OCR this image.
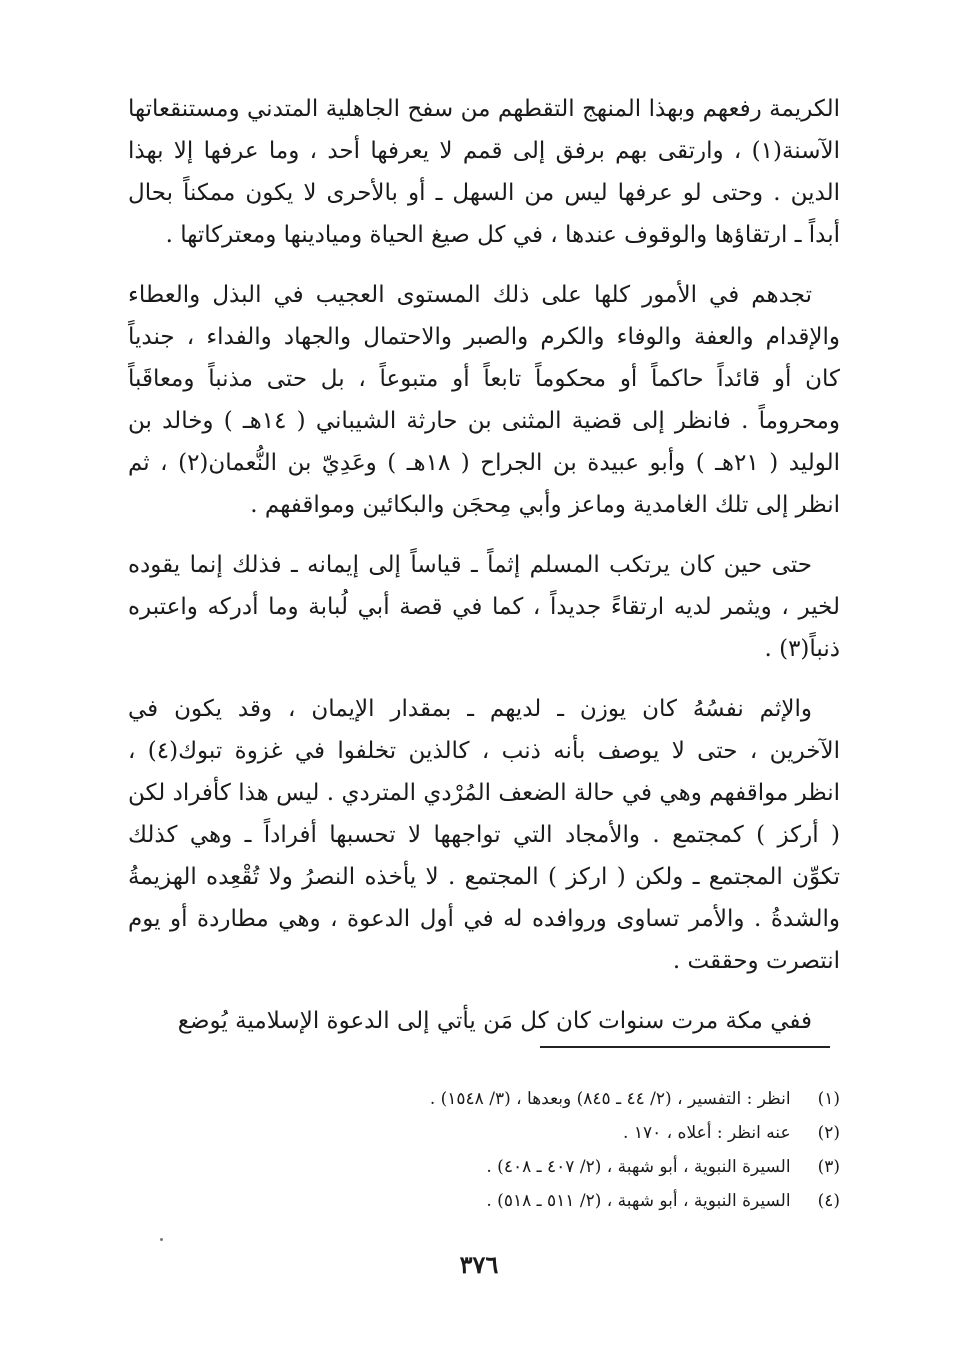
الكريمة رفعهم وبهذا المنهج التقطهم من سفح الجاهلية المتدني ومستنقعاتها
الآسنة(١) ، وارتقى بهم برفق إلى قمم لا يعرفها أحد ، وما عرفها إلا بهذا
الدين . وحتى لو عرفها ليس من السهل ـ أو بالأحرى لا يكون ممكناً بحال
أبداً ـ ارتقاؤها والوقوف عندها ، في كل صيغ الحياة وميادينها ومعتركاتها .

تجدهم في الأمور كلها على ذلك المستوى العجيب في البذل والعطاء
والإقدام والعفة والوفاء والكرم والصبر والاحتمال والجهاد والفداء ، جندياً
كان أو قائداً حاكماً أو محكوماً تابعاً أو متبوعاً ، بل حتى مذنباً ومعاقَباً
ومحروماً . فانظر إلى قضية المثنى بن حارثة الشيباني ( ١٤هـ ) وخالد بن
الوليد ( ٢١هـ ) وأبو عبيدة بن الجراح ( ١٨هـ ) وعَدِيّ بن النُّعمان(٢) ، ثم
انظر إلى تلك الغامدية وماعز وأبي مِحجَن والبكائين ومواقفهم .

حتى حين كان يرتكب المسلم إثماً ـ قياساً إلى إيمانه ـ فذلك إنما يقوده
لخير ، ويثمر لديه ارتقاءً جديداً ، كما في قصة أبي لُبابة وما أدركه واعتبره
ذنباً(٣) .

والإثم نفسُهُ كان يوزن ـ لديهم ـ بمقدار الإيمان ، وقد يكون في
الآخرين ، حتى لا يوصف بأنه ذنب ، كالذين تخلفوا في غزوة تبوك(٤) ،
انظر مواقفهم وهي في حالة الضعف المُرْدي المتردي . ليس هذا كأفراد لكن
( أركز ) كمجتمع . والأمجاد التي تواجهها لا تحسبها أفراداً ـ وهي كذلك
تكوِّن المجتمع ـ ولكن ( اركز ) المجتمع . لا يأخذه النصرُ ولا تُقْعِده الهزيمةُ
والشدةُ . والأمر تساوى وروافده له في أول الدعوة ، وهي مطاردة أو يوم
انتصرت وحققت .

ففي مكة مرت سنوات كان كل مَن يأتي إلى الدعوة الإسلامية يُوضع

(١) انظر : التفسير ، (٢/ ٤٤ ـ ٨٤٥) وبعدها ، (٣/ ١٥٤٨) .
(٢) عنه انظر : أعلاه ، ١٧٠ .
(٣) السيرة النبوية ، أبو شهبة ، (٢/ ٤٠٧ ـ ٤٠٨) .
(٤) السيرة النبوية ، أبو شهبة ، (٢/ ٥١١ ـ ٥١٨) .
٣٧٦
